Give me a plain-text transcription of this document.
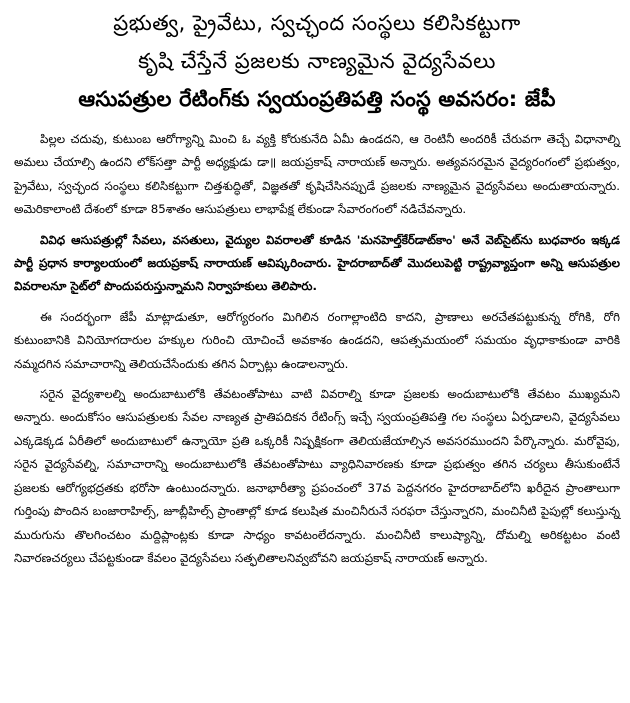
ప్రభుత్వ, ప్రైవేటు, స్వచ్ఛంద సంస్థలు కలిసికట్టుగా
కృషి చేస్తేనే ప్రజలకు నాణ్యమైన వైద్యసేవలు
ఆసుపత్రుల రేటింగ్‌కు స్వయంప్రతిపత్తి సంస్థ అవసరం: జేపీ

పిల్లల చదువు, కుటుంబ ఆరోగ్యాన్ని మించి ఓ వ్యక్తి కోరుకునేది ఏమీ ఉండదని, ఆ రెంటినీ అందరికీ చేరువగా తెచ్చే విధానాల్ని అమలు చేయాల్సి ఉందని లోక్‌సత్తా పార్టీ అధ్యక్షుడు డా॥ జయప్రకాష్ నారాయణ్ అన్నారు. అత్యవసరమైన వైద్యరంగంలో ప్రభుత్వం, ప్రైవేటు, స్వచ్ఛంద సంస్థలు కలిసికట్టుగా చిత్తశుద్ధితో, విజ్ఞతతో కృషిచేసినప్పుడే ప్రజలకు నాణ్యమైన వైద్యసేవలు అందుతాయన్నారు. అమెరికాలాంటి దేశంలో కూడా 85శాతం ఆసుపత్రులు లాభాపేక్ష లేకుండా సేవారంగంలో నడిచేవన్నారు.

వివిధ ఆసుపత్రుల్లో సేవలు, వసతులు, వైద్యుల వివరాలతో కూడిన 'మనహెల్త్‌కేర్‌డాట్‌కాం' అనే వెబ్‌సైట్‌ను బుధవారం ఇక్కడ పార్టీ ప్రధాన కార్యాలయంలో జయప్రకాష్ నారాయణ్ ఆవిష్కరించారు. హైదరాబాద్‌తో మొదలుపెట్టి రాష్ట్రవ్యాప్తంగా అన్ని ఆసుపత్రుల వివరాలనూ సైట్‌లో పొందుపరుస్తున్నామని నిర్వాహకులు తెలిపారు.

ఈ సందర్భంగా జేపీ మాట్లాడుతూ, ఆరోగ్యరంగం మిగిలిన రంగాల్లాంటిది కాదని, ప్రాణాలు అరచేతపట్టుకున్న రోగికి, రోగి కుటుంబానికి వినియోగదారుల హక్కుల గురించి యోచించే అవకాశం ఉండదని, ఆపత్సమయంలో సమయం వృధాకాకుండా వారికి నమ్మదగిన సమాచారాన్ని తెలియచేసేందుకు తగిన ఏర్పాట్లు ఉండాలన్నారు.

సరైన వైద్యశాలల్ని అందుబాటులోకి తేవటంతోపాటు వాటి వివరాల్ని కూడా ప్రజలకు అందుబాటులోకి తేవటం ముఖ్యమని అన్నారు. అందుకోసం ఆసుపత్రులకు సేవల నాణ్యత ప్రాతిపదికన రేటింగ్స్ ఇచ్చే స్వయంప్రతిపత్తి గల సంస్థలు ఏర్పడాలని, వైద్యసేవలు ఎక్కడెక్కడ ఏరీతిలో అందుబాటులో ఉన్నాయో ప్రతి ఒక్కరికీ నిష్పక్షికంగా తెలియజేయాల్సిన అవసరముందని పేర్కొన్నారు. మరోవైపు, సరైన వైద్యసేవల్ని, సమాచారాన్ని అందుబాటులోకి తేవటంతోపాటు వ్యాధినివారణకు కూడా ప్రభుత్వం తగిన చర్యలు తీసుకుంటేనే ప్రజలకు ఆరోగ్యభద్రతకు భరోసా ఉంటుందన్నారు. జనాభారీత్యా ప్రపంచంలో 37వ పెద్దనగరం హైదరాబాద్‌లోని ఖరీదైన ప్రాంతాలుగా గుర్తింపు పొందిన బంజారాహిల్స్, జూబ్లీహిల్స్ ప్రాంతాల్లో కూడ కలుషిత మంచినీరునే సరఫరా చేస్తున్నారని, మంచినీటి పైపుల్లో కలుస్తున్న మురుగును తొలగించటం మద్దిప్లాంట్లకు కూడా సాధ్యం కావటంలేదన్నారు. మంచినీటి కాలుష్యాన్ని, దోమల్ని అరికట్టటం వంటి నివారణచర్యలు చేపట్టకుండా కేవలం వైద్యసేవలు సత్ఫలితాలనివ్వబోవని జయప్రకాష్ నారాయణ్ అన్నారు.
